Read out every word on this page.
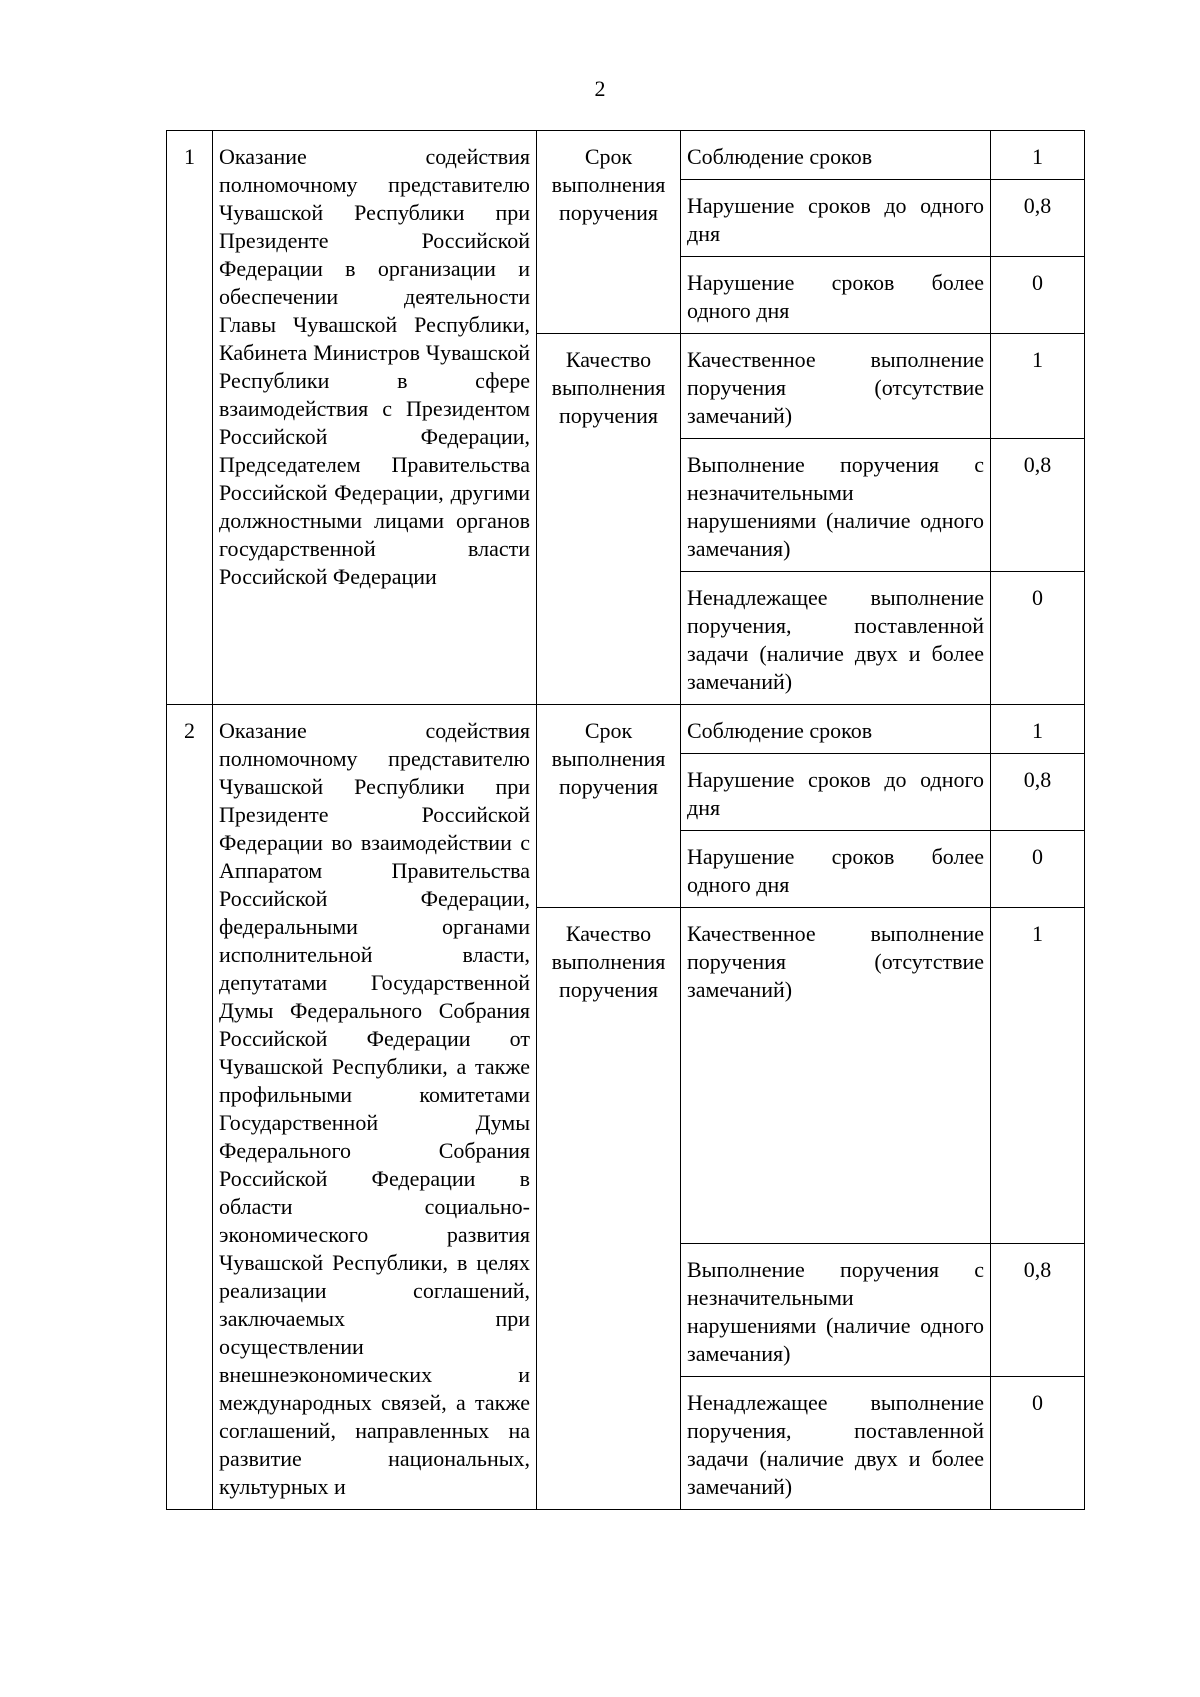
2
1	Оказание содействия полномочному представителю Чувашской Республики при Президенте Российской Федерации в организации и обеспечении деятельности Главы Чувашской Республики, Кабинета Министров Чувашской Республики в сфере взаимодействия с Президентом Российской Федерации, Председателем Правительства Российской Федерации, другими должностными лицами органов государственной власти Российской Федерации	Срок выполнения поручения	Соблюдение сроков	1
			Нарушение сроков до одного дня	0,8
			Нарушение сроков более одного дня	0
		Качество выполнения поручения	Качественное выполнение поручения (отсутствие замечаний)	1
			Выполнение поручения с незначительными нарушениями (наличие одного замечания)	0,8
			Ненадлежащее выполнение поручения, поставленной задачи (наличие двух и более замечаний)	0
2	Оказание содействия полномочному представителю Чувашской Республики при Президенте Российской Федерации во взаимодействии с Аппаратом Правительства Российской Федерации, федеральными органами исполнительной власти, депутатами Государственной Думы Федерального Собрания Российской Федерации от Чувашской Республики, а также профильными комитетами Государственной Думы Федерального Собрания Российской Федерации в области социально-экономического развития Чувашской Республики, в целях реализации соглашений, заключаемых при осуществлении внешнеэкономических и международных связей, а также соглашений, направленных на развитие национальных, культурных и	Срок выполнения поручения	Соблюдение сроков	1
			Нарушение сроков до одного дня	0,8
			Нарушение сроков более одного дня	0
		Качество выполнения поручения	Качественное выполнение поручения (отсутствие замечаний)	1
			Выполнение поручения с незначительными нарушениями (наличие одного замечания)	0,8
			Ненадлежащее выполнение поручения, поставленной задачи (наличие двух и более замечаний)	0
